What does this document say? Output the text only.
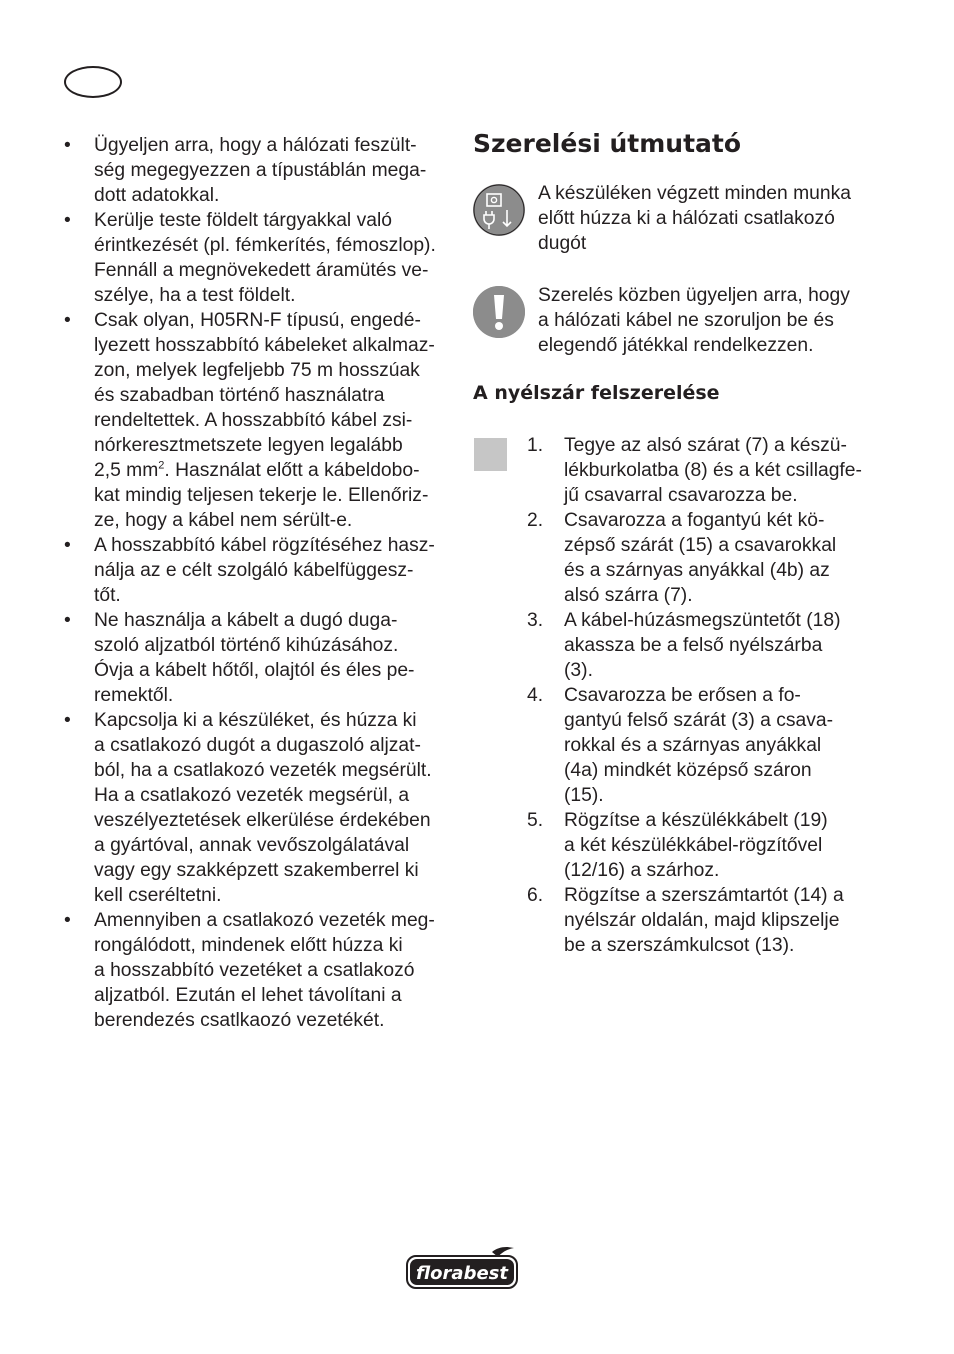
• Ügyeljen arra, hogy a hálózati feszült-
ség megegyezzen a típustáblán mega-
dott adatokkal.
• Kerülje teste földelt tárgyakkal való
érintkezését (pl. fémkerítés, fémoszlop).
Fennáll a megnövekedett áramütés ve-
szélye, ha a test földelt.
• Csak olyan, H05RN-F típusú, engedé-
lyezett hosszabbító kábeleket alkalmaz-
zon, melyek legfeljebb 75 m hosszúak
és szabadban történő használatra
rendeltettek. A hosszabbító kábel zsi-
nórkeresztmetszete legyen legalább
2,5 $mm^2$. Használat előtt a kábeldobo-
kat mindig teljesen tekerje le. Ellenőriz-
ze, hogy a kábel nem sérült-e.
• A hosszabbító kábel rögzítéséhez hasz-
nálja az e célt szolgáló kábelfüggesz-
tőt.
• Ne használja a kábelt a dugó duga-
szoló aljzatból történő kihúzásához.
Óvja a kábelt hőtől, olajtól és éles pe-
remektől.
• Kapcsolja ki a készüléket, és húzza ki
a csatlakozó dugót a dugaszoló aljzat-
ból, ha a csatlakozó vezeték megsérült.
Ha a csatlakozó vezeték megsérül, a
veszélyeztetések elkerülése érdekében
a gyártóval, annak vevőszolgálatával
vagy egy szakképzett szakemberrel ki
kell cseréltetni.
• Amennyiben a csatlakozó vezeték meg-
rongálódott, mindenek előtt húzza ki
a hosszabbító vezetéket a csatlakozó
aljzatból. Ezután el lehet távolítani a
berendezés csatlkaozó vezetékét.
Szerelési útmutató
A készüléken végzett minden munka
előtt húzza ki a hálózati csatlakozó
dugót
Szerelés közben ügyeljen arra, hogy
a hálózati kábel ne szoruljon be és
elegendő játékkal rendelkezzen.
A nyélszár felszerelése
1. Tegye az alsó szárat (7) a készü-
lékburkolatba (8) és a két csillagfe-
jű csavarral csavarozza be.
2. Csavarozza a fogantyú két kö-
zépső szárát (15) a csavarokkal
és a szárnyas anyákkal (4b) az
alsó szárra (7).
3. A kábel-húzásmegszüntetőt (18)
akassza be a felső nyélszárba
(3).
4. Csavarozza be erősen a fo-
gantyú felső szárát (3) a csava-
rokkal és a szárnyas anyákkal
(4a) mindkét középső száron
(15).
5. Rögzítse a készülékkábelt (19)
a két készülékkábel-rögzítővel
(12/16) a szárhoz.
6. Rögzítse a szerszámtartót (14) a
nyélszár oldalán, majd klipszelje
be a szerszámkulcsot (13).
florabest
